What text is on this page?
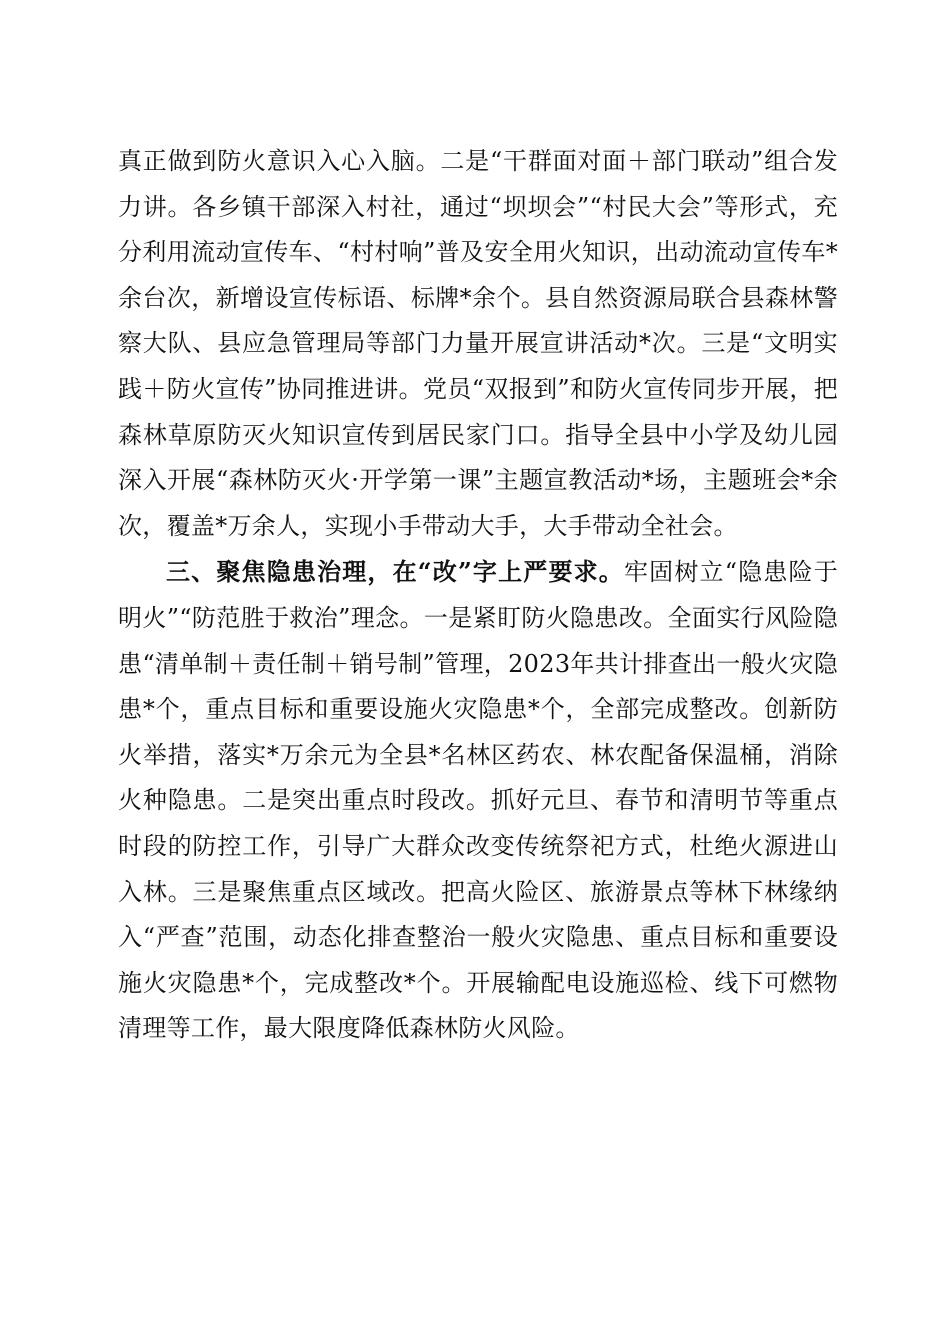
真正做到防火意识入心入脑。二是“干群面对面＋部门联动”组合发力讲。各乡镇干部深入村社，通过“坝坝会”“村民大会”等形式，充分利用流动宣传车、“村村响”普及安全用火知识，出动流动宣传车*余台次，新增设宣传标语、标牌*余个。县自然资源局联合县森林警察大队、县应急管理局等部门力量开展宣讲活动*次。三是“文明实践＋防火宣传”协同推进讲。党员“双报到”和防火宣传同步开展，把森林草原防灭火知识宣传到居民家门口。指导全县中小学及幼儿园深入开展“森林防灭火·开学第一课”主题宣教活动*场，主题班会*余次，覆盖*万余人，实现小手带动大手，大手带动全社会。

三、聚焦隐患治理，在“改”字上严要求。牢固树立“隐患险于明火”“防范胜于救治”理念。一是紧盯防火隐患改。全面实行风险隐患“清单制＋责任制＋销号制”管理，2023年共计排查出一般火灾隐患*个，重点目标和重要设施火灾隐患*个，全部完成整改。创新防火举措，落实*万余元为全县*名林区药农、林农配备保温桶，消除火种隐患。二是突出重点时段改。抓好元旦、春节和清明节等重点时段的防控工作，引导广大群众改变传统祭祀方式，杜绝火源进山入林。三是聚焦重点区域改。把高火险区、旅游景点等林下林缘纳入“严查”范围，动态化排查整治一般火灾隐患、重点目标和重要设施火灾隐患*个，完成整改*个。开展输配电设施巡检、线下可燃物清理等工作，最大限度降低森林防火风险。
